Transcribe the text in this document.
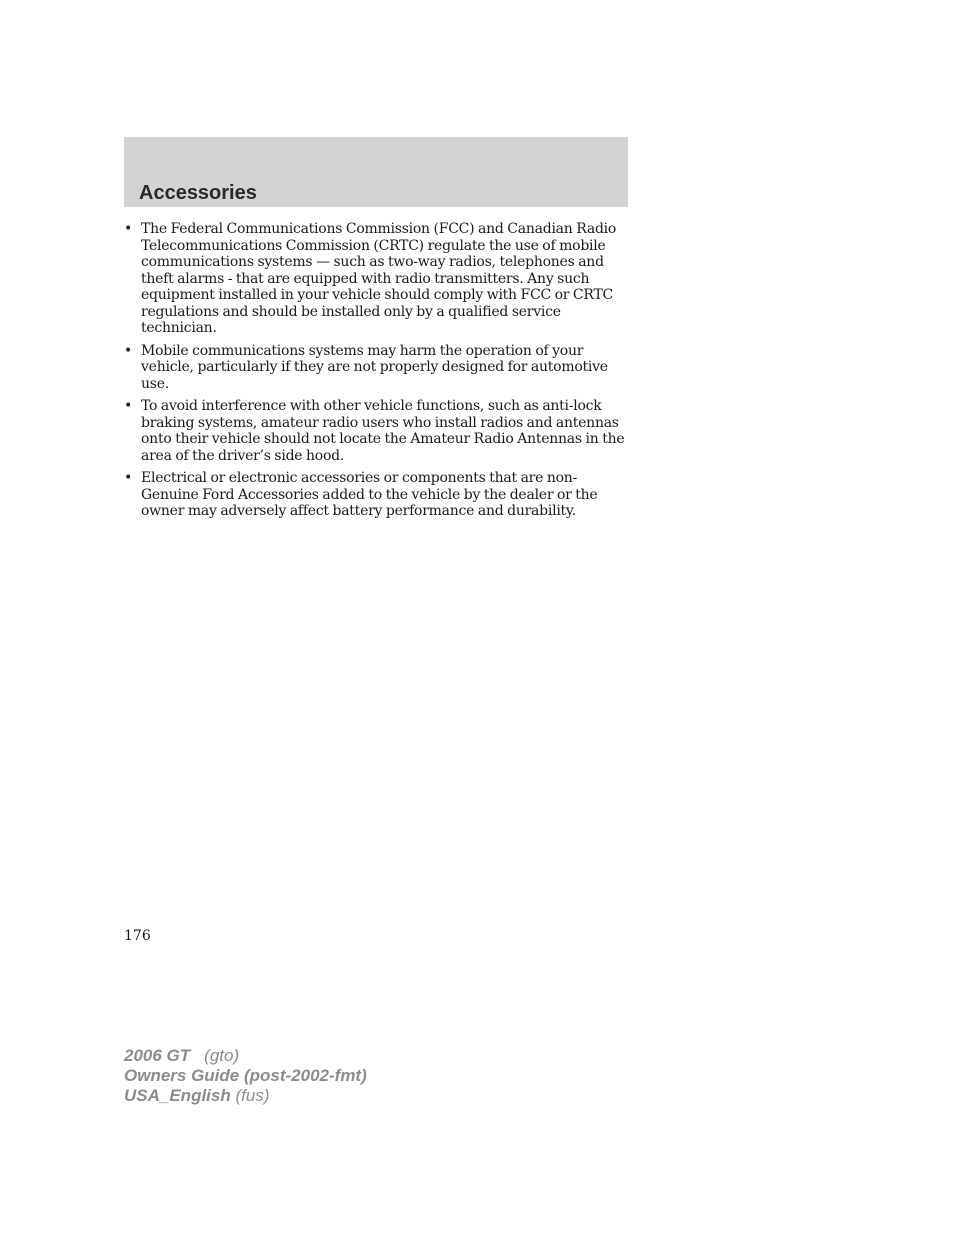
Accessories
• The Federal Communications Commission (FCC) and Canadian Radio Telecommunications Commission (CRTC) regulate the use of mobile communications systems — such as two-way radios, telephones and theft alarms - that are equipped with radio transmitters. Any such equipment installed in your vehicle should comply with FCC or CRTC regulations and should be installed only by a qualified service technician.
• Mobile communications systems may harm the operation of your vehicle, particularly if they are not properly designed for automotive use.
• To avoid interference with other vehicle functions, such as anti-lock braking systems, amateur radio users who install radios and antennas onto their vehicle should not locate the Amateur Radio Antennas in the area of the driver’s side hood.
• Electrical or electronic accessories or components that are non-Genuine Ford Accessories added to the vehicle by the dealer or the owner may adversely affect battery performance and durability.
176
2006 GT (gto)
Owners Guide (post-2002-fmt)
USA_English (fus)
